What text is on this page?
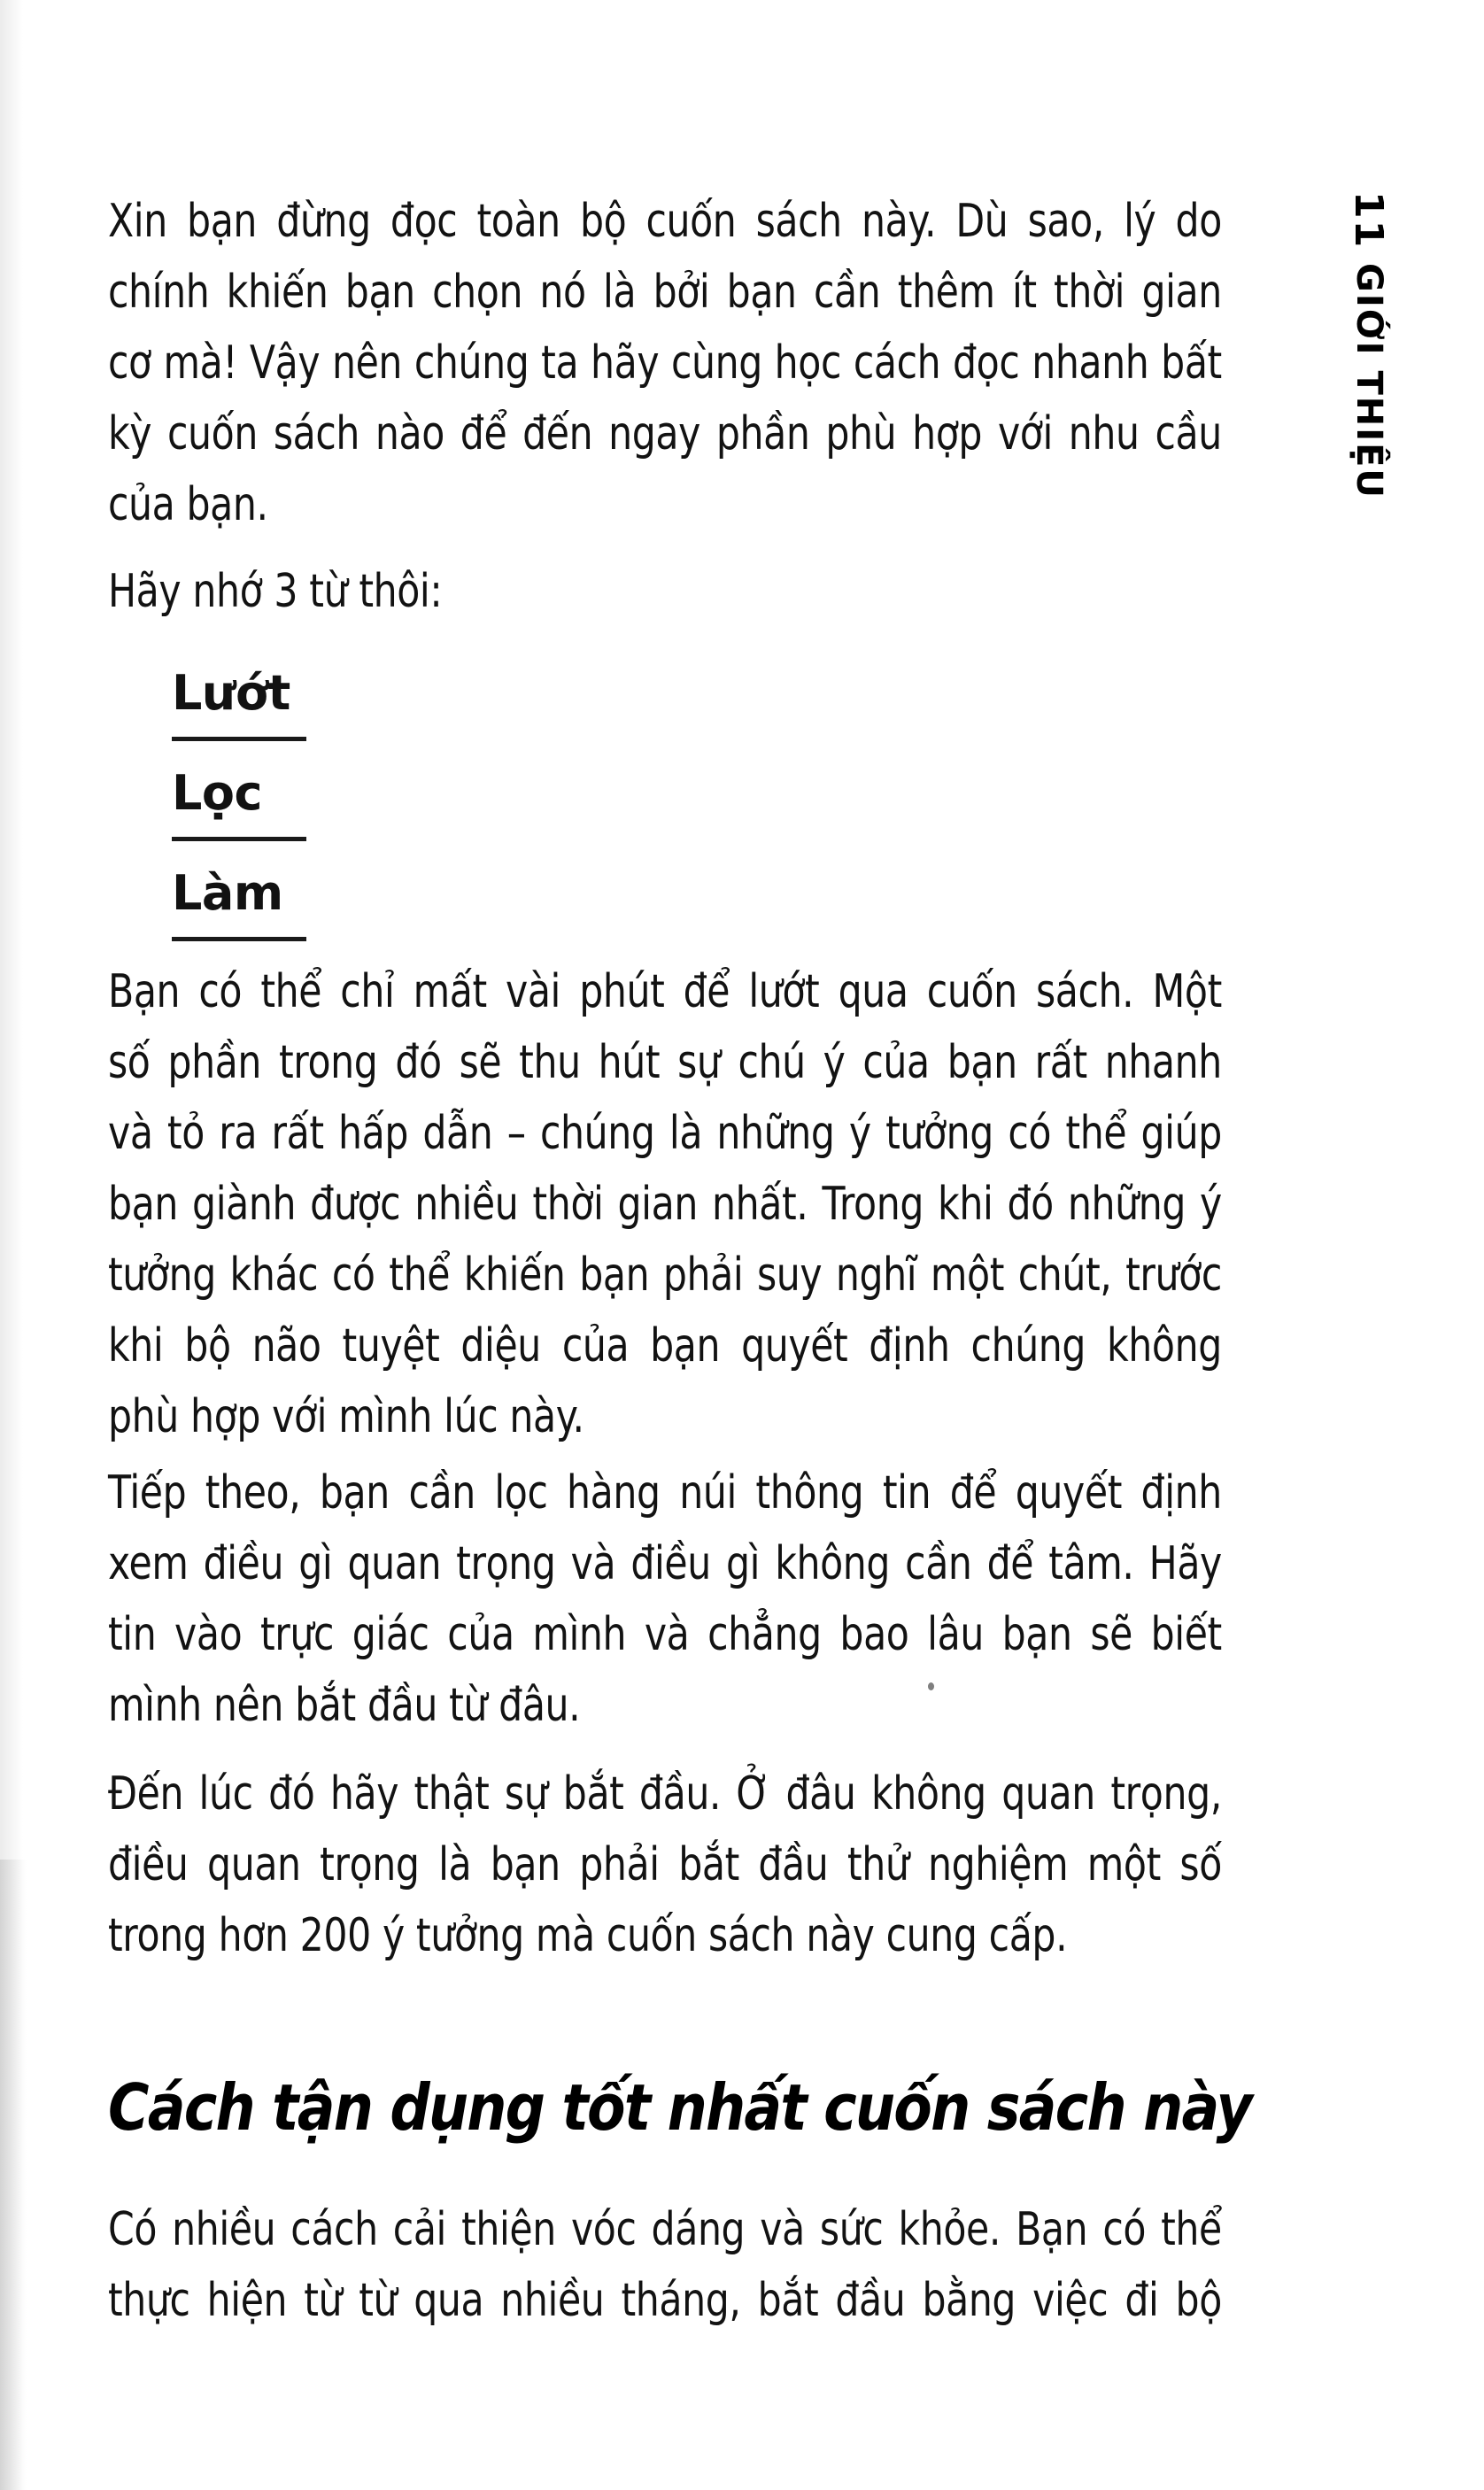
11
GIỚI THIỆU
Xin bạn đừng đọc toàn bộ cuốn sách này. Dù sao, lý do
chính khiến bạn chọn nó là bởi bạn cần thêm ít thời gian
cơ mà! Vậy nên chúng ta hãy cùng học cách đọc nhanh bất
kỳ cuốn sách nào để đến ngay phần phù hợp với nhu cầu
của bạn.
Hãy nhớ 3 từ thôi:
Lướt
Lọc
Làm
Bạn có thể chỉ mất vài phút để lướt qua cuốn sách. Một
số phần trong đó sẽ thu hút sự chú ý của bạn rất nhanh
và tỏ ra rất hấp dẫn – chúng là những ý tưởng có thể giúp
bạn giành được nhiều thời gian nhất. Trong khi đó những ý
tưởng khác có thể khiến bạn phải suy nghĩ một chút, trước
khi bộ não tuyệt diệu của bạn quyết định chúng không
phù hợp với mình lúc này.
Tiếp theo, bạn cần lọc hàng núi thông tin để quyết định
xem điều gì quan trọng và điều gì không cần để tâm. Hãy
tin vào trực giác của mình và chẳng bao lâu bạn sẽ biết
mình nên bắt đầu từ đâu.
Đến lúc đó hãy thật sự bắt đầu. Ở đâu không quan trọng,
điều quan trọng là bạn phải bắt đầu thử nghiệm một số
trong hơn 200 ý tưởng mà cuốn sách này cung cấp.
Cách tận dụng tốt nhất cuốn sách này
Có nhiều cách cải thiện vóc dáng và sức khỏe. Bạn có thể
thực hiện từ từ qua nhiều tháng, bắt đầu bằng việc đi bộ
